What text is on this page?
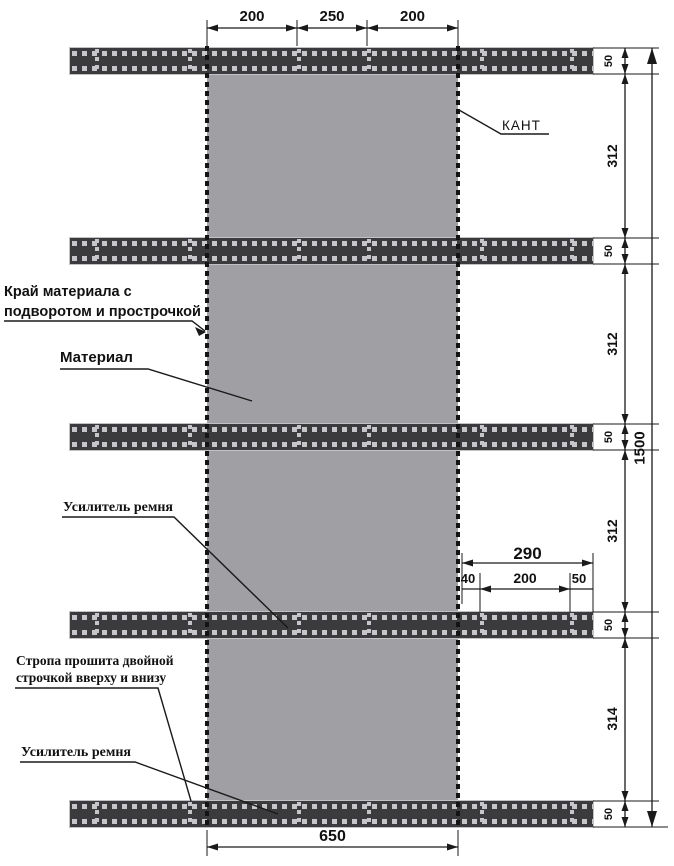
200	250	200
650
290
40	200	50
50
312
50
312
50
312
50
314
50
1500
КАНТ
Край материала с
подворотом и прострочкой
Материал
Усилитель ремня
Стропа прошита двойной
строчкой вверху и внизу
Усилитель ремня
